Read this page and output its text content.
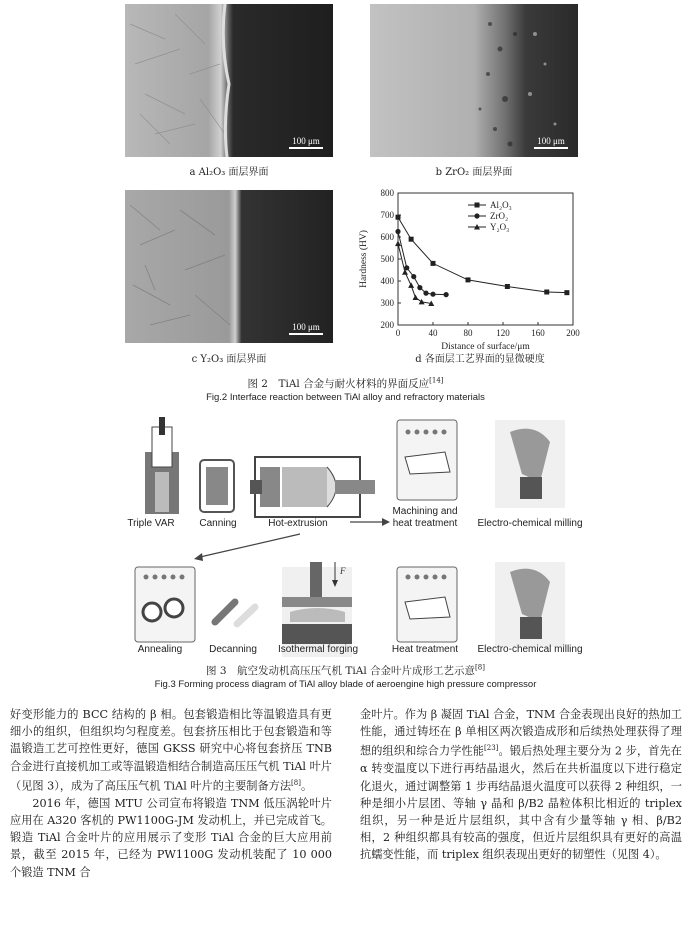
100 μm
a Al₂O₃ 面层界面
100 μm
b ZrO₂ 面层界面
100 μm
c Y₂O₃ 面层界面
0	40	80	120 160 200
200
300
400
500
600
700
800
Distance of surface/μm
Hardness (HV)
Al₂O₃
ZrO₂
Y₂O₃
d 各面层工艺界面的显微硬度
图 2　TiAl 合金与耐火材料的界面反应[14]
Fig.2 Interface reaction between TiAl alloy and refractory materials
F
Triple VAR	Canning	Hot-extrusion
Machining and
heat treatment	Electro-chemical milling
Annealing	Decanning	Isothermal forging	Heat treatment	Electro-chemical milling
图 3　航空发动机高压压气机 TiAl 合金叶片成形工艺示意[8]
Fig.3 Forming process diagram of TiAl alloy blade of aeroengine high pressure compressor

好变形能力的 BCC 结构的 β 相。包套锻造相比等温锻造具有更细小的组织，但组织均匀程度差。包套挤压相比于包套锻造和等温锻造工艺可控性更好，德国 GKSS 研究中心将包套挤压 TNB 合金进行直接机加工或等温锻造相结合制造高压压气机 TiAl 叶片（见图 3），成为了高压压气机 TiAl 叶片的主要制备方法[8]。

2016 年，德国 MTU 公司宣布将锻造 TNM 低压涡轮叶片应用在 A320 客机的 PW1100G-JM 发动机上，并已完成首飞。锻造 TiAl 合金叶片的应用展示了变形 TiAl 合金的巨大应用前景，截至 2015 年，已经为 PW1100G 发动机装配了 10 000 个锻造 TNM 合

金叶片。作为 β 凝固 TiAl 合金，TNM 合金表现出良好的热加工性能，通过铸坯在 β 单相区两次锻造成形和后续热处理获得了理想的组织和综合力学性能[23]。锻后热处理主要分为 2 步，首先在 α 转变温度以下进行再结晶退火，然后在共析温度以下进行稳定化退火，通过调整第 1 步再结晶退火温度可以获得 2 种组织，一种是细小片层团、等轴 γ 晶和 β/B2 晶粒体积比相近的 triplex 组织，另一种是近片层组织，其中含有少量等轴 γ 相、β/B2 相，2 种组织都具有较高的强度，但近片层组织具有更好的高温抗蠕变性能，而 triplex 组织表现出更好的韧塑性（见图 4）。
